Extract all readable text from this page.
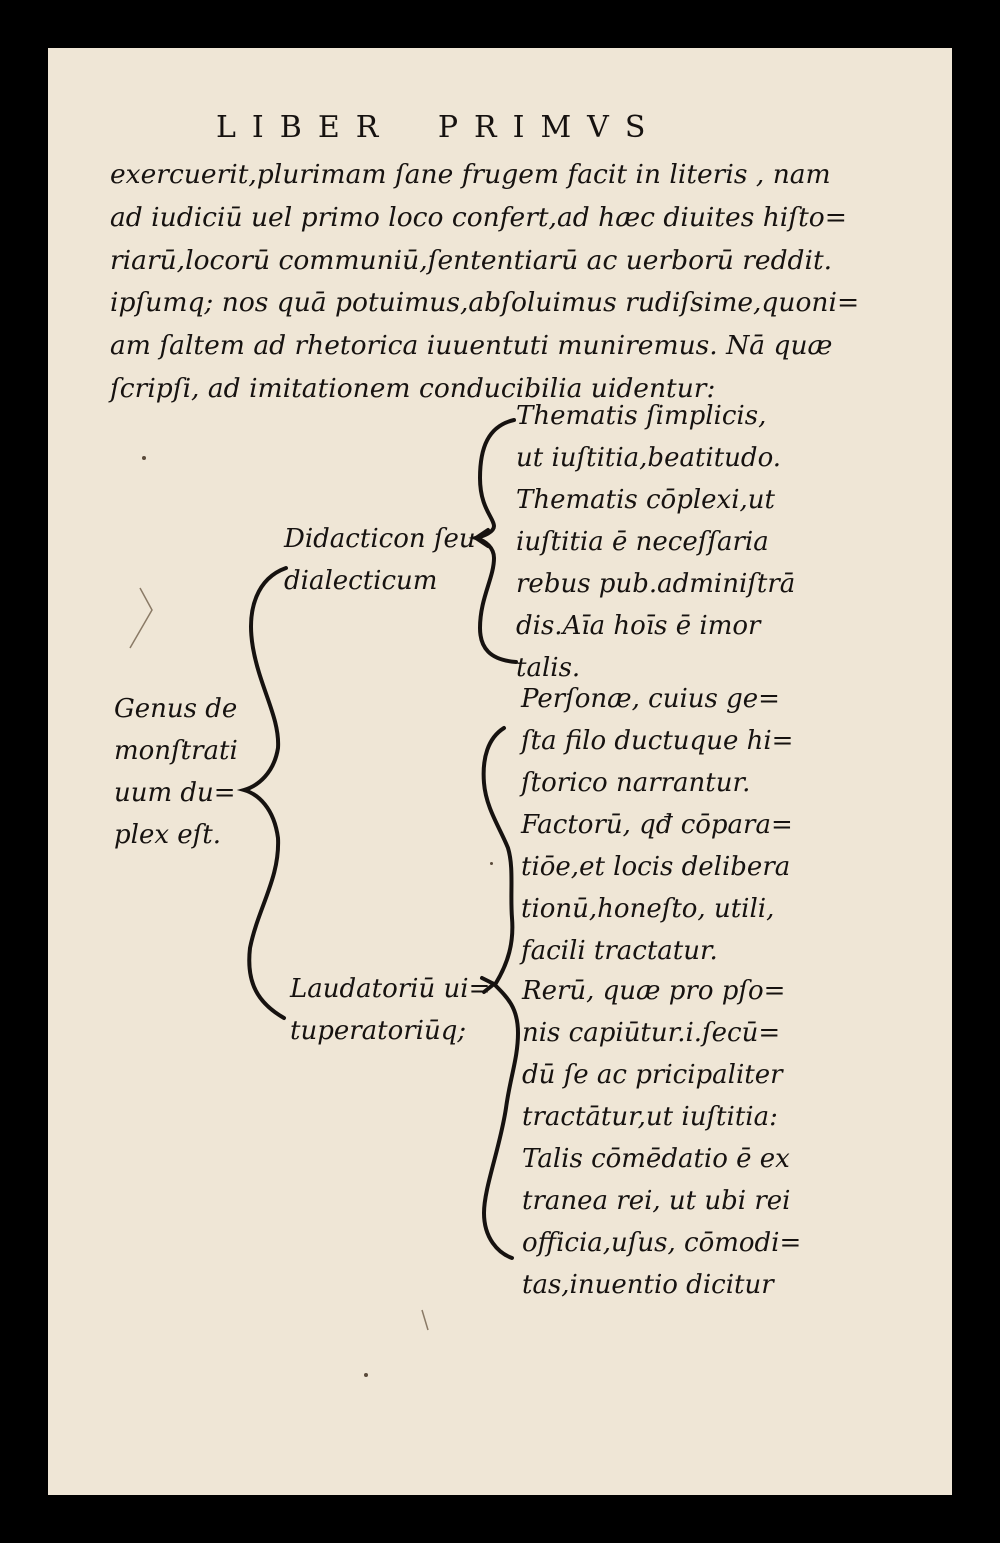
LIBER PRIMVS
exercuerit,plurimam ſane frugem facit in literis , nam
ad iudiciū uel primo loco confert,ad hæc diuites hiſto=
riarū,locorū communiū,ſententiarū ac uerborū reddit.
ipſumq; nos quā potuimus,abſoluimus rudiſsime,quoni=
am ſaltem ad rhetorica iuuentuti muniremus. Nā quæ
ſcripſi, ad imitationem conducibilia uidentur:
Thematis ſimplicis,
ut iuſtitia,beatitudo.
Thematis cōplexi,ut
iuſtitia ē neceſſaria
rebus pub.adminiſtrā
dis.Aīa hoīs ē imor
talis.
Didacticon ſeu
dialecticum
Genus de
monſtrati
uum du=
plex eſt.
Perſonæ, cuius ge=
ſta filo ductuque hi=
ſtorico narrantur.
Factorū, qđ cōpara=
tiōe,et locis delibera
tionū,honeſto, utili,
facili tractatur.
Laudatoriū ui=
tuperatoriūq;
Rerū, quæ pro pſo=
nis capiūtur.i.ſecū=
dū ſe ac pricipaliter
tractātur,ut iuſtitia:
Talis cōmēdatio ē ex
tranea rei, ut ubi rei
officia,uſus, cōmodi=
tas,inuentio dicitur
